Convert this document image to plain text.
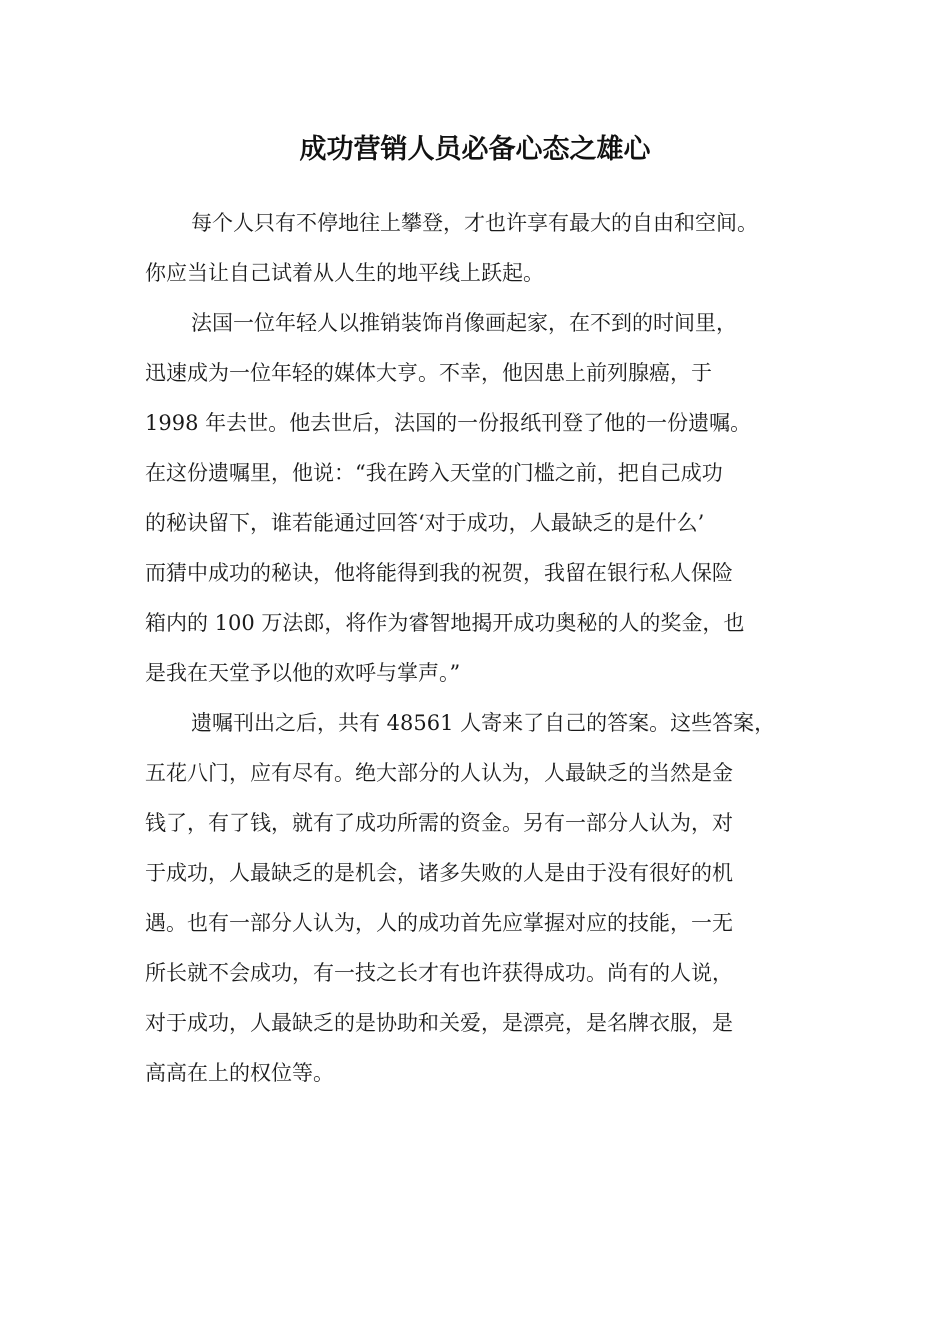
成功营销人员必备心态之雄心
每个人只有不停地往上攀登，才也许享有最大的自由和空间。
你应当让自己试着从人生的地平线上跃起。
法国一位年轻人以推销装饰肖像画起家，在不到的时间里，
迅速成为一位年轻的媒体大亨。不幸，他因患上前列腺癌，于
1998 年去世。他去世后，法国的一份报纸刊登了他的一份遗嘱。
在这份遗嘱里，他说：“我在跨入天堂的门槛之前，把自己成功
的秘诀留下，谁若能通过回答‘对于成功，人最缺乏的是什么’
而猜中成功的秘诀，他将能得到我的祝贺，我留在银行私人保险
箱内的 100 万法郎，将作为睿智地揭开成功奥秘的人的奖金，也
是我在天堂予以他的欢呼与掌声。”
遗嘱刊出之后，共有 48561 人寄来了自己的答案。这些答案，
五花八门，应有尽有。绝大部分的人认为，人最缺乏的当然是金
钱了，有了钱，就有了成功所需的资金。另有一部分人认为，对
于成功，人最缺乏的是机会，诸多失败的人是由于没有很好的机
遇。也有一部分人认为，人的成功首先应掌握对应的技能，一无
所长就不会成功，有一技之长才有也许获得成功。尚有的人说，
对于成功，人最缺乏的是协助和关爱，是漂亮，是名牌衣服，是
高高在上的权位等。
